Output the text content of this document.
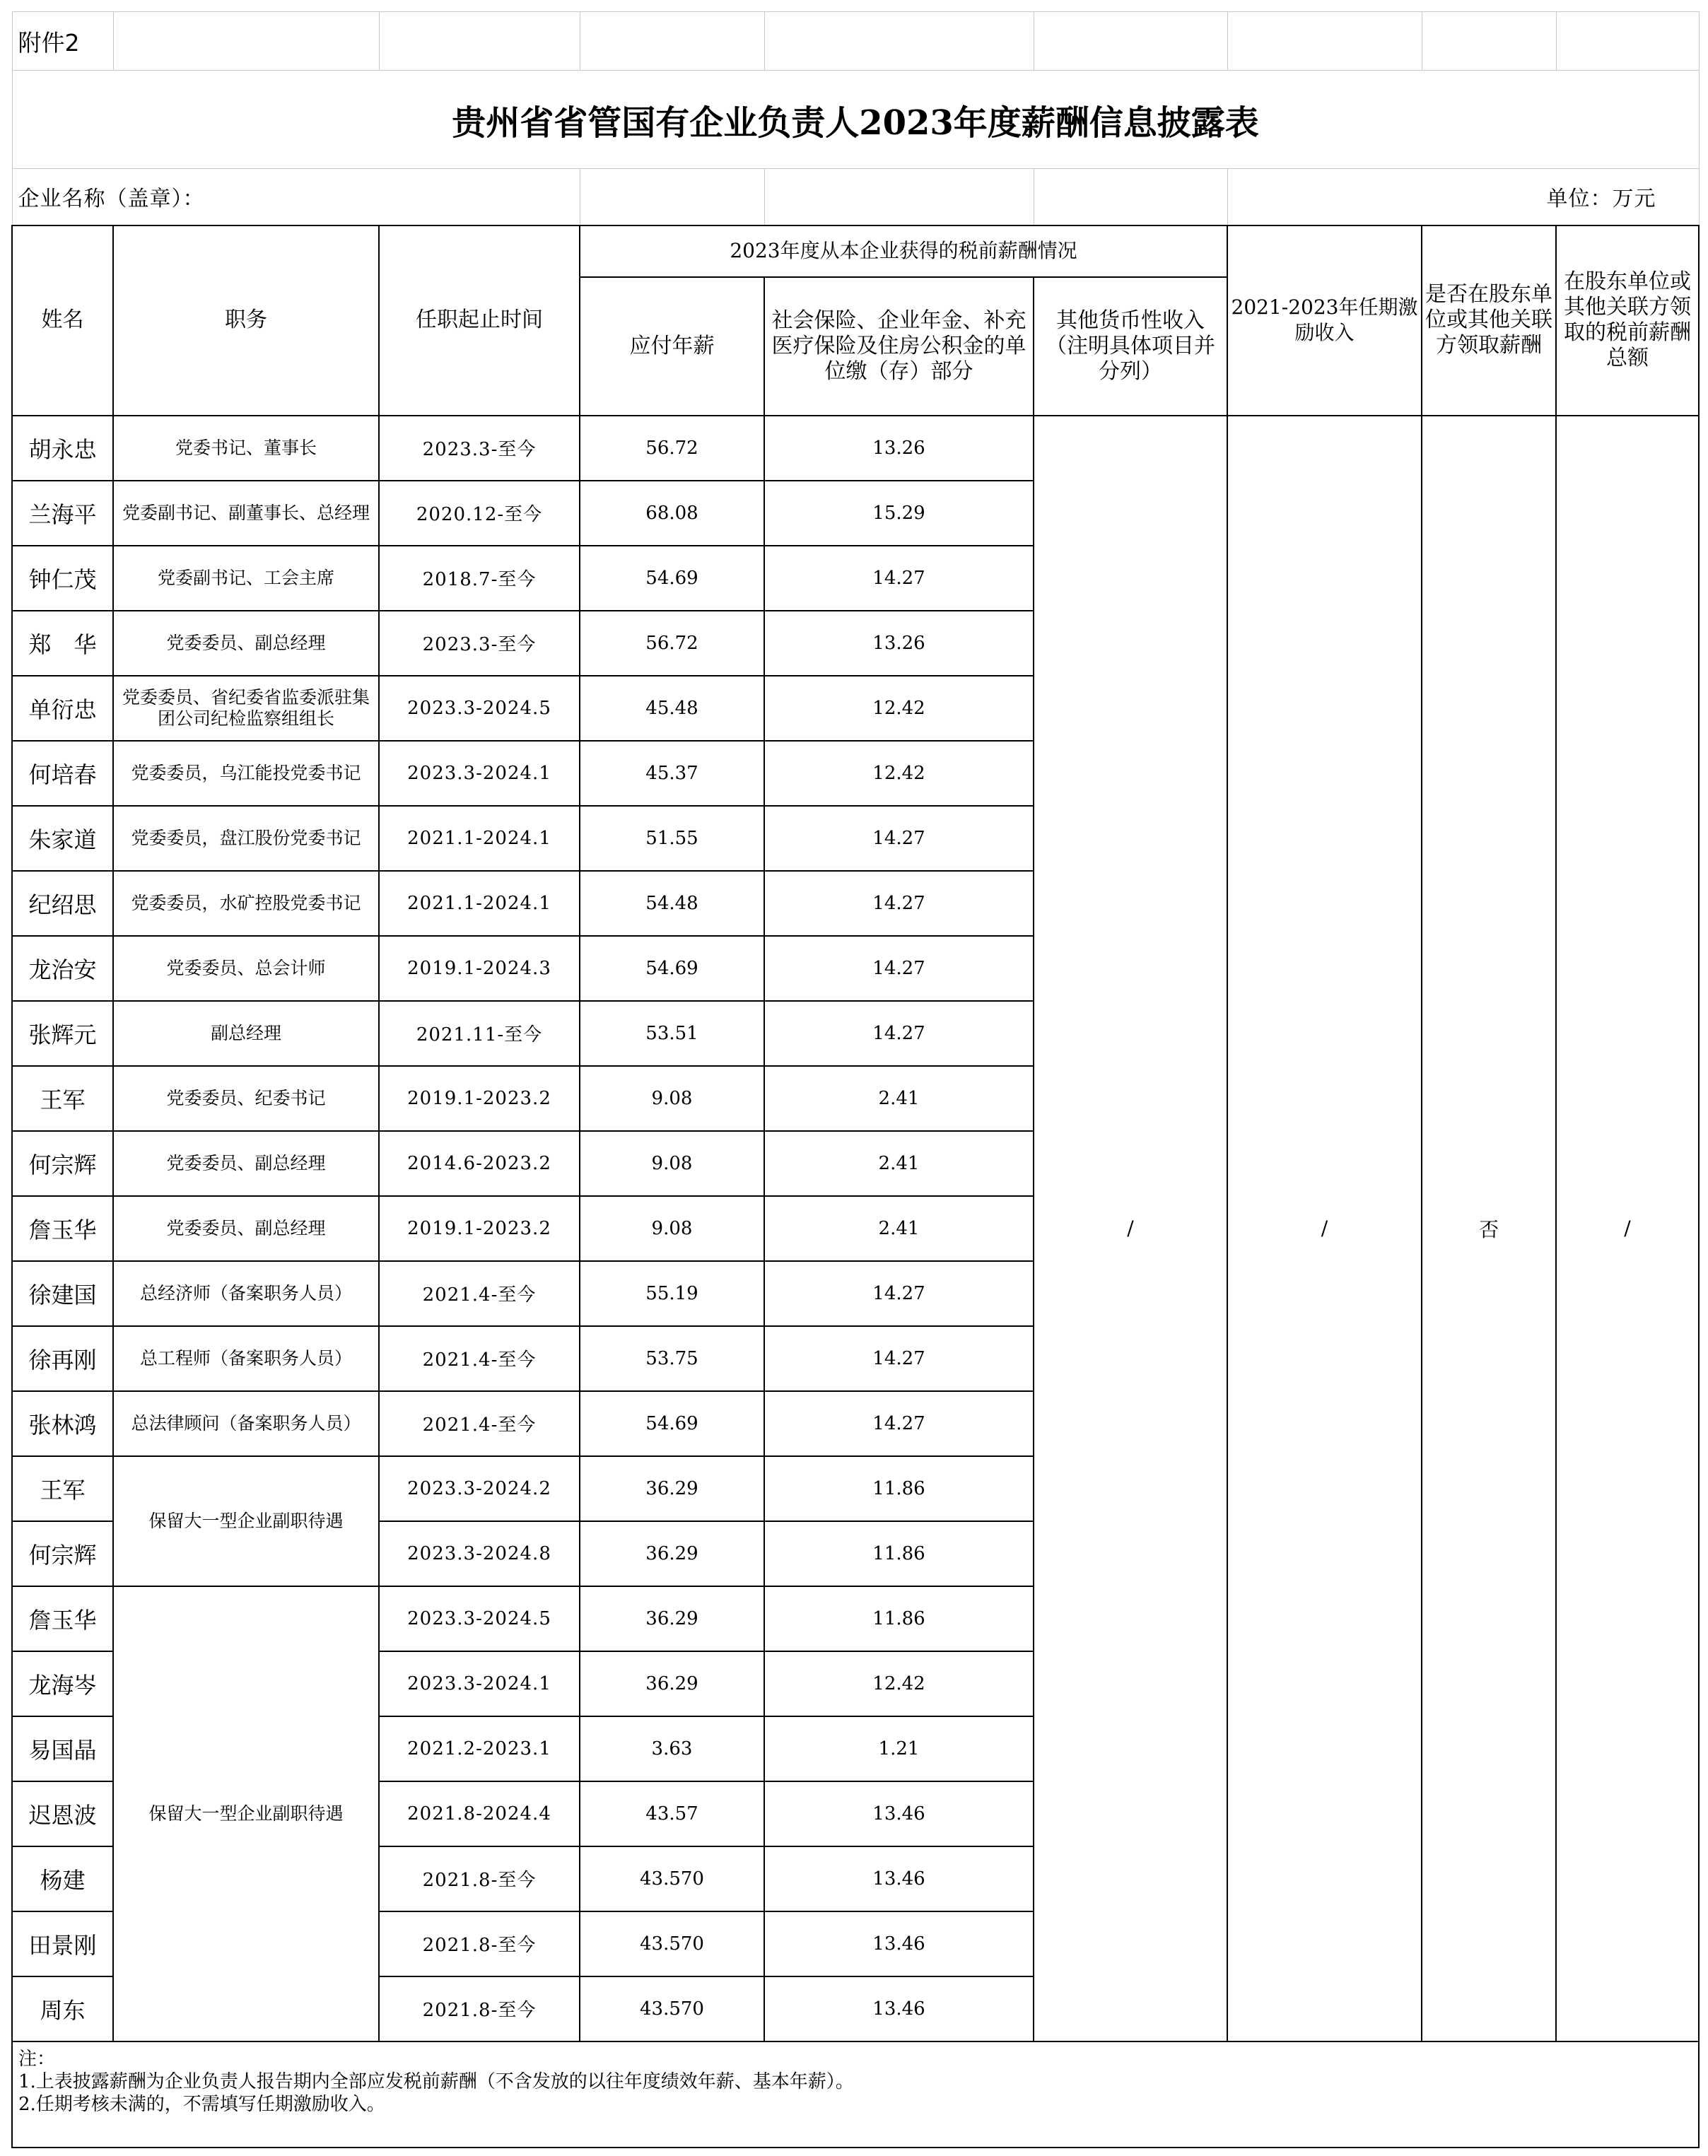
附件2								
贵州省省管国有企业负责人2023年度薪酬信息披露表								
企业名称（盖章）：						单位：万元		
姓名	职务	任职起止时间	2023年度从本企业获得的税前薪酬情况			2021-2023年任期激励收入	是否在股东单位或其他关联方领取薪酬	在股东单位或其他关联方领取的税前薪酬总额
			应付年薪	社会保险、企业年金、补充医疗保险及住房公积金的单位缴（存）部分	其他货币性收入（注明具体项目并分列）			
胡永忠	党委书记、董事长	2023.3-至今	56.72	13.26	/	/	否	/
兰海平	党委副书记、副董事长、总经理	2020.12-至今	68.08	15.29				
钟仁茂	党委副书记、工会主席	2018.7-至今	54.69	14.27				
郑　华	党委委员、副总经理	2023.3-至今	56.72	13.26				
单衍忠	党委委员、省纪委省监委派驻集团公司纪检监察组组长	2023.3-2024.5	45.48	12.42				
何培春	党委委员，乌江能投党委书记	2023.3-2024.1	45.37	12.42				
朱家道	党委委员，盘江股份党委书记	2021.1-2024.1	51.55	14.27				
纪绍思	党委委员，水矿控股党委书记	2021.1-2024.1	54.48	14.27				
龙治安	党委委员、总会计师	2019.1-2024.3	54.69	14.27				
张辉元	副总经理	2021.11-至今	53.51	14.27				
王军	党委委员、纪委书记	2019.1-2023.2	9.08	2.41				
何宗辉	党委委员、副总经理	2014.6-2023.2	9.08	2.41				
詹玉华	党委委员、副总经理	2019.1-2023.2	9.08	2.41				
徐建国	总经济师（备案职务人员）	2021.4-至今	55.19	14.27				
徐再刚	总工程师（备案职务人员）	2021.4-至今	53.75	14.27				
张林鸿	总法律顾问（备案职务人员）	2021.4-至今	54.69	14.27				
王军	保留大一型企业副职待遇	2023.3-2024.2	36.29	11.86				
何宗辉		2023.3-2024.8	36.29	11.86				
詹玉华	保留大一型企业副职待遇	2023.3-2024.5	36.29	11.86				
龙海岑		2023.3-2024.1	36.29	12.42				
易国晶		2021.2-2023.1	3.63	1.21				
迟恩波		2021.8-2024.4	43.57	13.46				
杨建		2021.8-至今	43.570	13.46				
田景刚		2021.8-至今	43.570	13.46				
周东		2021.8-至今	43.570	13.46				

注：
1.上表披露薪酬为企业负责人报告期内全部应发税前薪酬（不含发放的以往年度绩效年薪、基本年薪）。
2.任期考核未满的，不需填写任期激励收入。								
